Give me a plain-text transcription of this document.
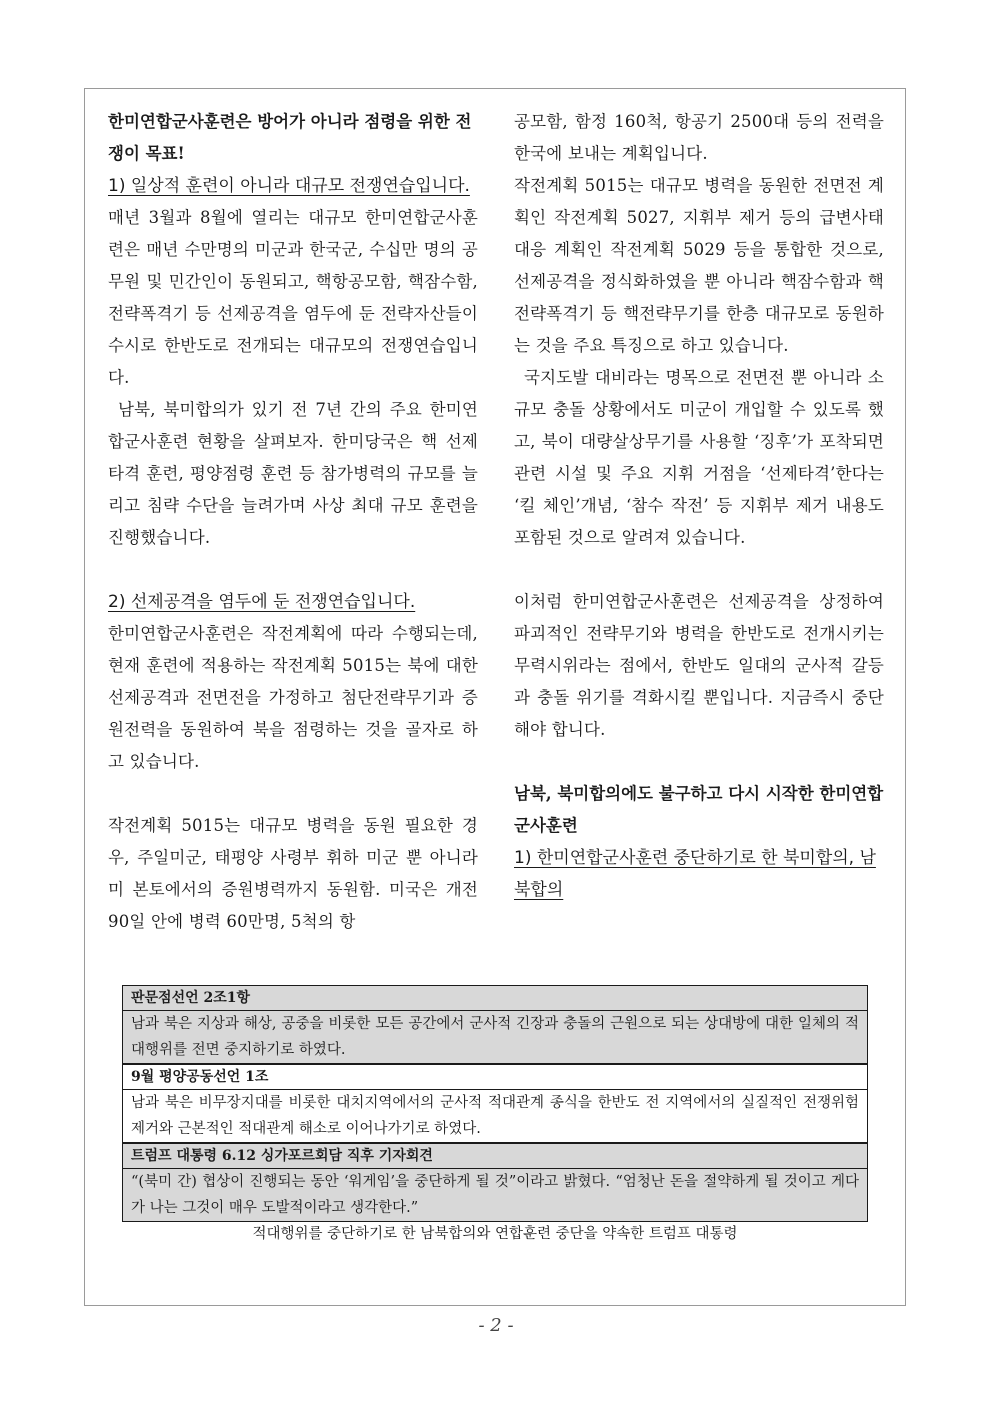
한미연합군사훈련은 방어가 아니라 점령을 위한 전쟁이 목표!
1) 일상적 훈련이 아니라 대규모 전쟁연습입니다.

매년 3월과 8월에 열리는 대규모 한미연합군사훈련은 매년 수만명의 미군과 한국군, 수십만 명의 공무원 및 민간인이 동원되고, 핵항공모함, 핵잠수함, 전략폭격기 등 선제공격을 염두에 둔 전략자산들이 수시로 한반도로 전개되는 대규모의 전쟁연습입니다.

남북, 북미합의가 있기 전 7년 간의 주요 한미연합군사훈련 현황을 살펴보자. 한미당국은 핵 선제타격 훈련, 평양점령 훈련 등 참가병력의 규모를 늘리고 침략 수단을 늘려가며 사상 최대 규모 훈련을 진행했습니다.

2) 선제공격을 염두에 둔 전쟁연습입니다.

한미연합군사훈련은 작전계획에 따라 수행되는데, 현재 훈련에 적용하는 작전계획 5015는 북에 대한 선제공격과 전면전을 가정하고 첨단전략무기과 증원전력을 동원하여 북을 점령하는 것을 골자로 하고 있습니다.

작전계획 5015는 대규모 병력을 동원 필요한 경우, 주일미군, 태평양 사령부 휘하 미군 뿐 아니라 미 본토에서의 증원병력까지 동원함. 미국은 개전 90일 안에 병력 60만명, 5척의 항

공모함, 함정 160척, 항공기 2500대 등의 전력을 한국에 보내는 계획입니다.

작전계획 5015는 대규모 병력을 동원한 전면전 계획인 작전계획 5027, 지휘부 제거 등의 급변사태 대응 계획인 작전계획 5029 등을 통합한 것으로, 선제공격을 정식화하였을 뿐 아니라 핵잠수함과 핵전략폭격기 등 핵전략무기를 한층 대규모로 동원하는 것을 주요 특징으로 하고 있습니다.

국지도발 대비라는 명목으로 전면전 뿐 아니라 소규모 충돌 상황에서도 미군이 개입할 수 있도록 했고, 북이 대량살상무기를 사용할 ‘징후’가 포착되면 관련 시설 및 주요 지휘 거점을 ‘선제타격’한다는 ‘킬 체인’개념, ‘참수 작전’ 등 지휘부 제거 내용도 포함된 것으로 알려져 있습니다.

이처럼 한미연합군사훈련은 선제공격을 상정하여 파괴적인 전략무기와 병력을 한반도로 전개시키는 무력시위라는 점에서, 한반도 일대의 군사적 갈등과 충돌 위기를 격화시킬 뿐입니다. 지금즉시 중단해야 합니다.

남북, 북미합의에도 불구하고 다시 시작한 한미연합군사훈련
1) 한미연합군사훈련 중단하기로 한 북미합의, 남북합의
판문점선언 2조1항
남과 북은 지상과 해상, 공중을 비롯한 모든 공간에서 군사적 긴장과 충돌의 근원으로 되는 상대방에 대한 일체의 적대행위를 전면 중지하기로 하였다.
9월 평양공동선언 1조
남과 북은 비무장지대를 비롯한 대치지역에서의 군사적 적대관계 종식을 한반도 전 지역에서의 실질적인 전쟁위험 제거와 근본적인 적대관계 해소로 이어나가기로 하였다.
트럼프 대통령 6.12 싱가포르회담 직후 기자회견
“(북미 간) 협상이 진행되는 동안 ‘워게임’을 중단하게 될 것”이라고 밝혔다. “엄청난 돈을 절약하게 될 것이고 게다가 나는 그것이 매우 도발적이라고 생각한다.”
적대행위를 중단하기로 한 남북합의와 연합훈련 중단을 약속한 트럼프 대통령
- 2 -
